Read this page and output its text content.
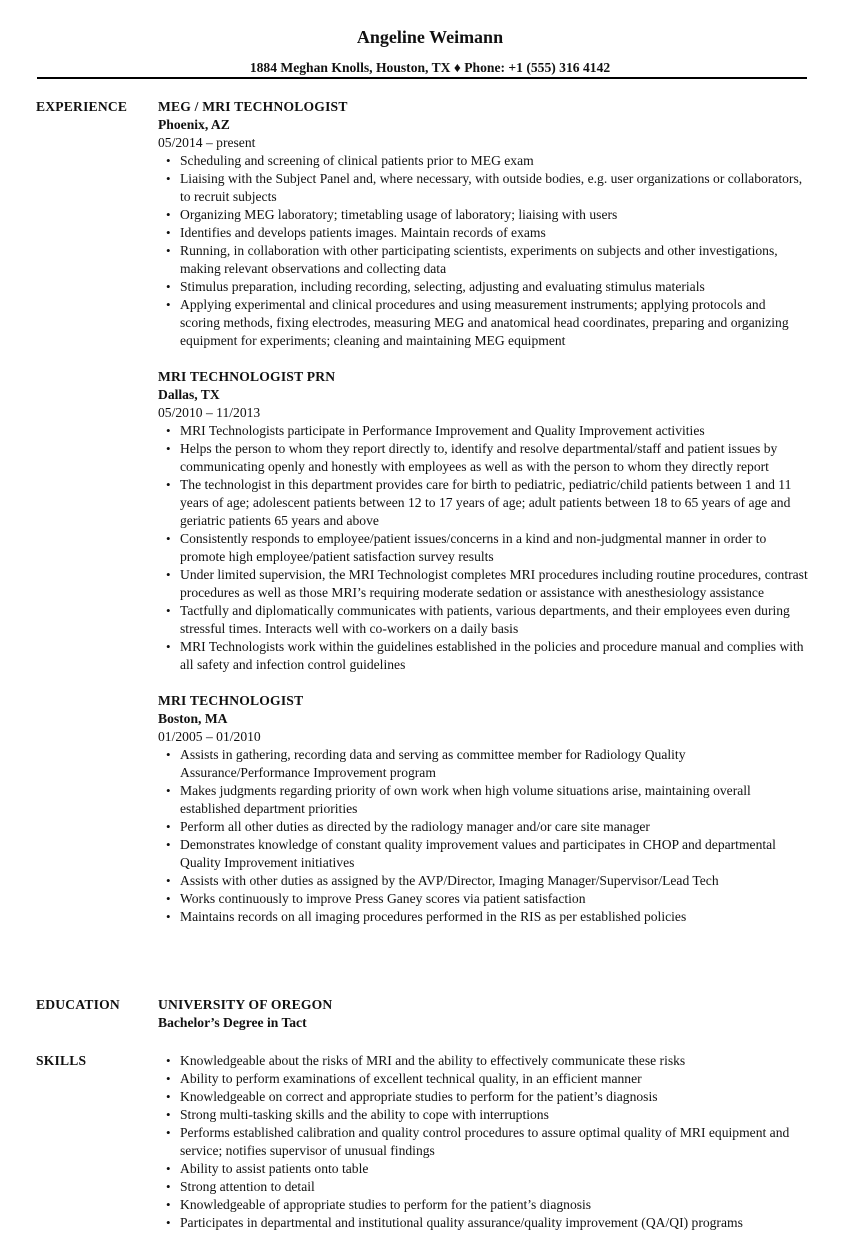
Angeline Weimann
1884 Meghan Knolls, Houston, TX ♦ Phone: +1 (555) 316 4142
EXPERIENCE MEG / MRI TECHNOLOGIST
Phoenix, AZ
05/2014 – present
• Scheduling and screening of clinical patients prior to MEG exam
• Liaising with the Subject Panel and, where necessary, with outside bodies, e.g. user organizations or collaborators, to recruit subjects
• Organizing MEG laboratory; timetabling usage of laboratory; liaising with users
• Identifies and develops patients images. Maintain records of exams
• Running, in collaboration with other participating scientists, experiments on subjects and other investigations, making relevant observations and collecting data
• Stimulus preparation, including recording, selecting, adjusting and evaluating stimulus materials
• Applying experimental and clinical procedures and using measurement instruments; applying protocols and scoring methods, fixing electrodes, measuring MEG and anatomical head coordinates, preparing and organizing equipment for experiments; cleaning and maintaining MEG equipment
MRI TECHNOLOGIST PRN
Dallas, TX
05/2010 – 11/2013
• MRI Technologists participate in Performance Improvement and Quality Improvement activities
• Helps the person to whom they report directly to, identify and resolve departmental/staff and patient issues by communicating openly and honestly with employees as well as with the person to whom they directly report
• The technologist in this department provides care for birth to pediatric, pediatric/child patients between 1 and 11 years of age; adolescent patients between 12 to 17 years of age; adult patients between 18 to 65 years of age and geriatric patients 65 years and above
• Consistently responds to employee/patient issues/concerns in a kind and non-judgmental manner in order to promote high employee/patient satisfaction survey results
• Under limited supervision, the MRI Technologist completes MRI procedures including routine procedures, contrast procedures as well as those MRI’s requiring moderate sedation or assistance with anesthesiology assistance
• Tactfully and diplomatically communicates with patients, various departments, and their employees even during stressful times. Interacts well with co-workers on a daily basis
• MRI Technologists work within the guidelines established in the policies and procedure manual and complies with all safety and infection control guidelines
MRI TECHNOLOGIST
Boston, MA
01/2005 – 01/2010
• Assists in gathering, recording data and serving as committee member for Radiology Quality Assurance/Performance Improvement program
• Makes judgments regarding priority of own work when high volume situations arise, maintaining overall established department priorities
• Perform all other duties as directed by the radiology manager and/or care site manager
• Demonstrates knowledge of constant quality improvement values and participates in CHOP and departmental Quality Improvement initiatives
• Assists with other duties as assigned by the AVP/Director, Imaging Manager/Supervisor/Lead Tech
• Works continuously to improve Press Ganey scores via patient satisfaction
• Maintains records on all imaging procedures performed in the RIS as per established policies
EDUCATION	UNIVERSITY OF OREGON
Bachelor’s Degree in Tact
SKILLS
•	Knowledgeable about the risks of MRI and the ability to effectively communicate these risks
• Ability to perform examinations of excellent technical quality, in an efficient manner
• Knowledgeable on correct and appropriate studies to perform for the patient’s diagnosis
• Strong multi-tasking skills and the ability to cope with interruptions
• Performs established calibration and quality control procedures to assure optimal quality of MRI equipment and service; notifies supervisor of unusual findings
• Ability to assist patients onto table
• Strong attention to detail
• Knowledgeable of appropriate studies to perform for the patient’s diagnosis
• Participates in departmental and institutional quality assurance/quality improvement (QA/QI) programs
